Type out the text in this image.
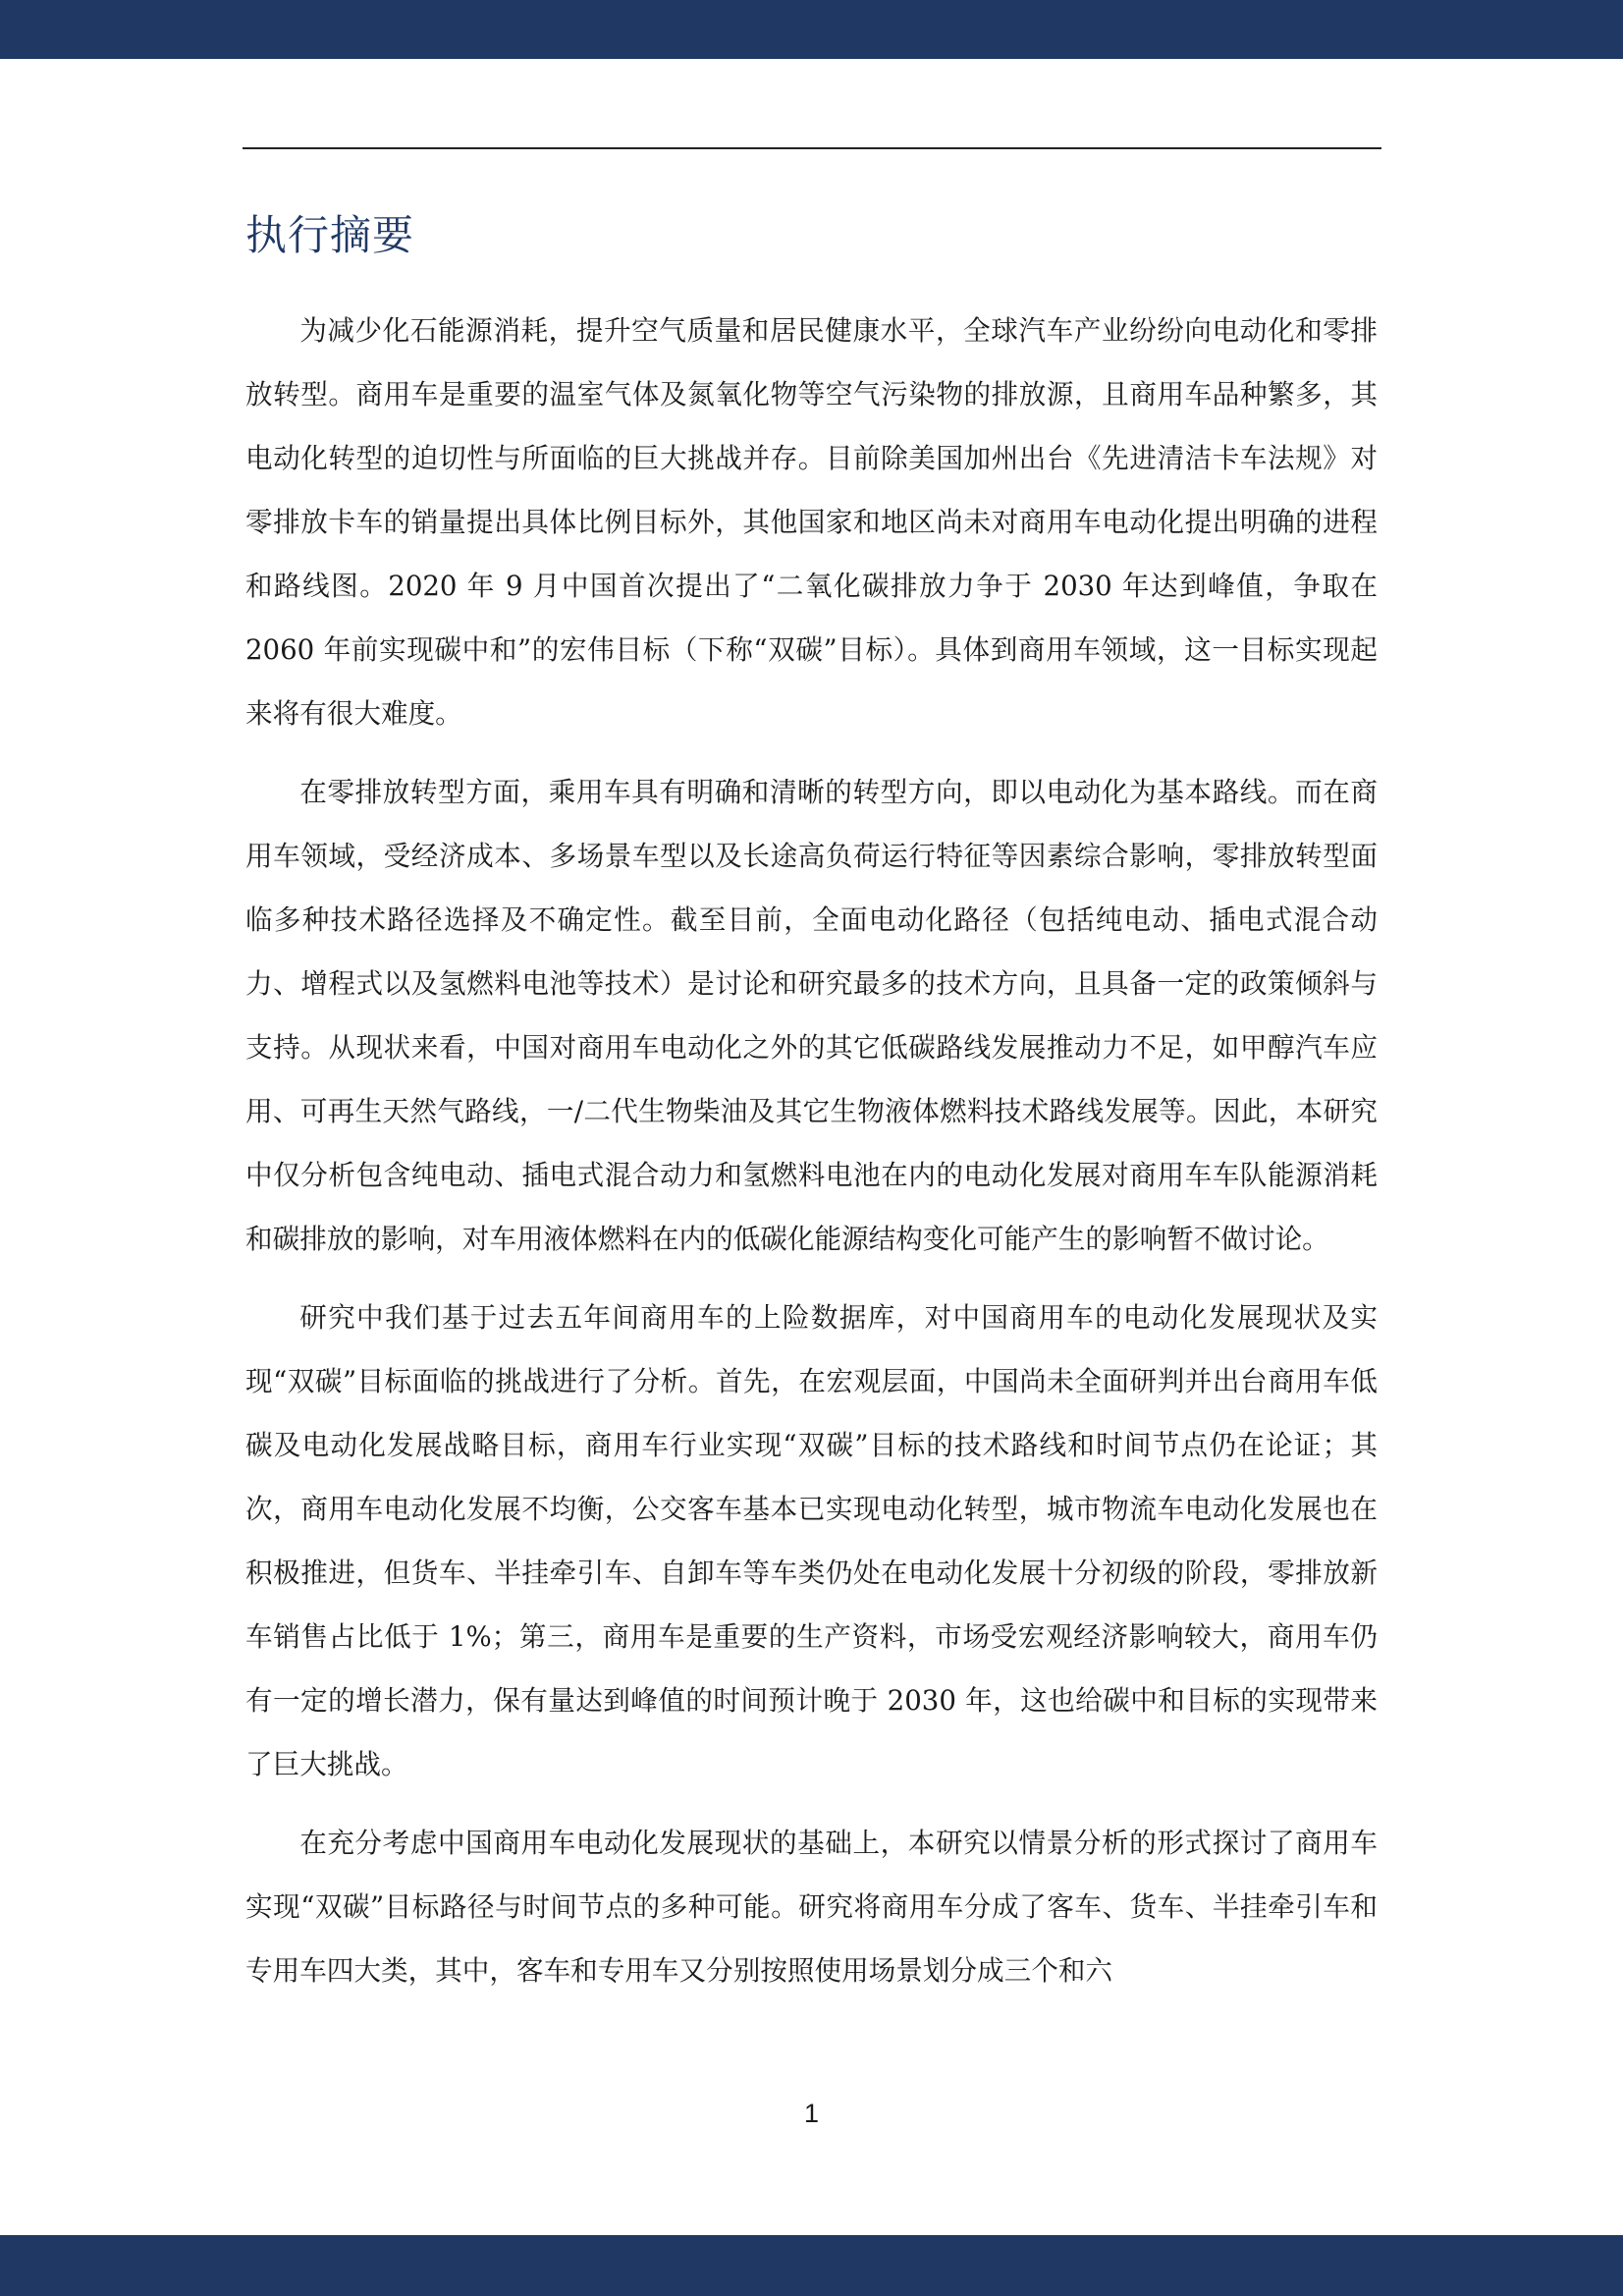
执行摘要

为减少化石能源消耗，提升空气质量和居民健康水平，全球汽车产业纷纷向电动化和零排放转型。商用车是重要的温室气体及氮氧化物等空气污染物的排放源，且商用车品种繁多，其电动化转型的迫切性与所面临的巨大挑战并存。目前除美国加州出台《先进清洁卡车法规》对零排放卡车的销量提出具体比例目标外，其他国家和地区尚未对商用车电动化提出明确的进程和路线图。2020 年 9 月中国首次提出了“二氧化碳排放力争于 2030 年达到峰值，争取在 2060 年前实现碳中和”的宏伟目标（下称“双碳”目标）。具体到商用车领域，这一目标实现起来将有很大难度。

在零排放转型方面，乘用车具有明确和清晰的转型方向，即以电动化为基本路线。而在商用车领域，受经济成本、多场景车型以及长途高负荷运行特征等因素综合影响，零排放转型面临多种技术路径选择及不确定性。截至目前，全面电动化路径（包括纯电动、插电式混合动力、增程式以及氢燃料电池等技术）是讨论和研究最多的技术方向，且具备一定的政策倾斜与支持。从现状来看，中国对商用车电动化之外的其它低碳路线发展推动力不足，如甲醇汽车应用、可再生天然气路线，一/二代生物柴油及其它生物液体燃料技术路线发展等。因此，本研究中仅分析包含纯电动、插电式混合动力和氢燃料电池在内的电动化发展对商用车车队能源消耗和碳排放的影响，对车用液体燃料在内的低碳化能源结构变化可能产生的影响暂不做讨论。

研究中我们基于过去五年间商用车的上险数据库，对中国商用车的电动化发展现状及实现“双碳”目标面临的挑战进行了分析。首先，在宏观层面，中国尚未全面研判并出台商用车低碳及电动化发展战略目标，商用车行业实现“双碳”目标的技术路线和时间节点仍在论证；其次，商用车电动化发展不均衡，公交客车基本已实现电动化转型，城市物流车电动化发展也在积极推进，但货车、半挂牵引车、自卸车等车类仍处在电动化发展十分初级的阶段，零排放新车销售占比低于 1%；第三，商用车是重要的生产资料，市场受宏观经济影响较大，商用车仍有一定的增长潜力，保有量达到峰值的时间预计晚于 2030 年，这也给碳中和目标的实现带来了巨大挑战。

在充分考虑中国商用车电动化发展现状的基础上，本研究以情景分析的形式探讨了商用车实现“双碳”目标路径与时间节点的多种可能。研究将商用车分成了客车、货车、半挂牵引车和专用车四大类，其中，客车和专用车又分别按照使用场景划分成三个和六

1
